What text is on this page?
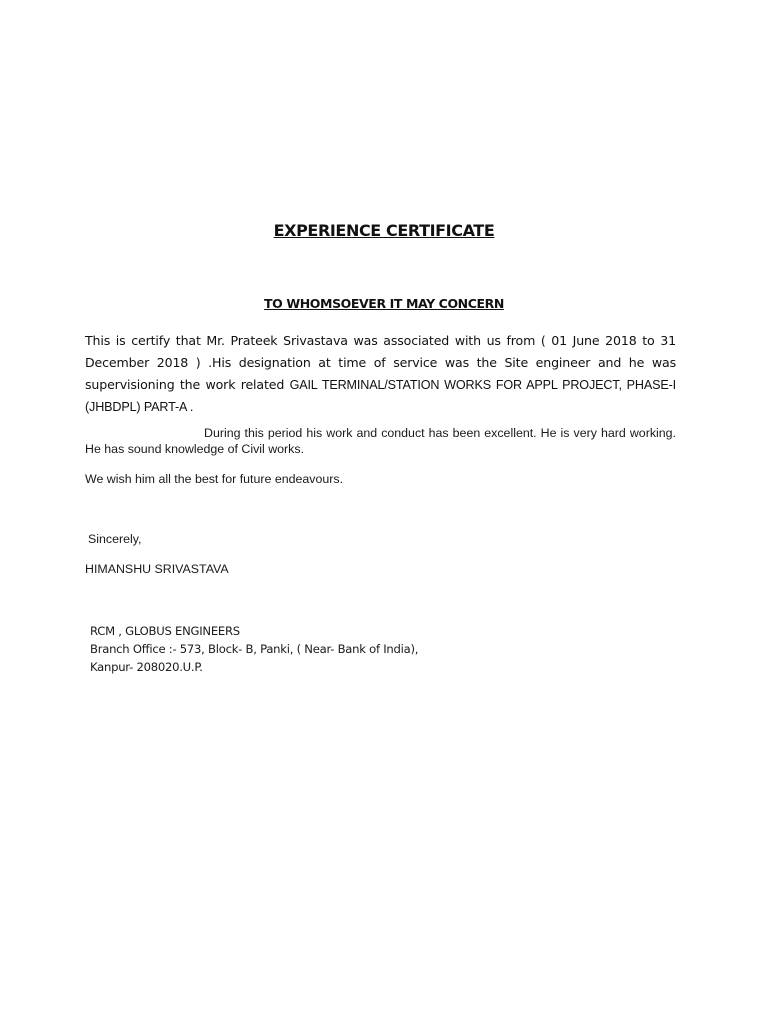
EXPERIENCE CERTIFICATE
TO WHOMSOEVER IT MAY CONCERN
This is certify that Mr. Prateek Srivastava was associated with us from ( 01 June 2018 to 31 December 2018 ) .His designation at time of service was the Site engineer and he was supervisioning the work related GAIL TERMINAL/STATION WORKS FOR APPL PROJECT, PHASE-I (JHBDPL) PART-A .
During this period his work and conduct has been excellent. He is very hard working. He has sound knowledge of Civil works.
We wish him all the best for future endeavours.
Sincerely,
HIMANSHU SRIVASTAVA
RCM , GLOBUS ENGINEERS
Branch Office :- 573, Block- B, Panki, ( Near- Bank of India),
Kanpur- 208020.U.P.
